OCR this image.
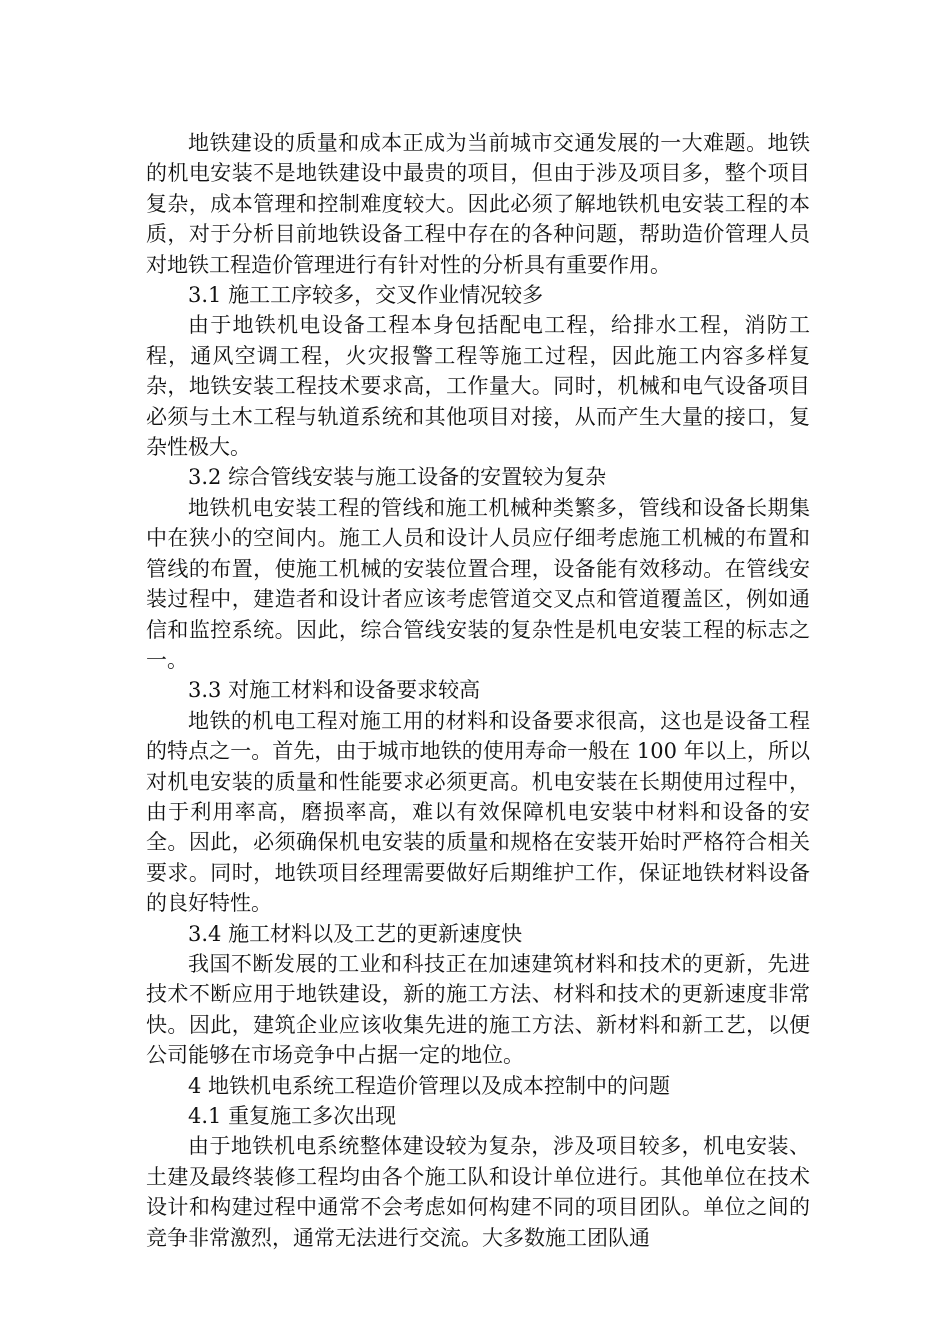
地铁建设的质量和成本正成为当前城市交通发展的一大难题。地铁的机电安装不是地铁建设中最贵的项目，但由于涉及项目多，整个项目复杂，成本管理和控制难度较大。因此必须了解地铁机电安装工程的本质，对于分析目前地铁设备工程中存在的各种问题，帮助造价管理人员对地铁工程造价管理进行有针对性的分析具有重要作用。

3.1 施工工序较多，交叉作业情况较多

由于地铁机电设备工程本身包括配电工程，给排水工程，消防工程，通风空调工程，火灾报警工程等施工过程，因此施工内容多样复杂，地铁安装工程技术要求高，工作量大。同时，机械和电气设备项目必须与土木工程与轨道系统和其他项目对接，从而产生大量的接口，复杂性极大。

3.2 综合管线安装与施工设备的安置较为复杂

地铁机电安装工程的管线和施工机械种类繁多，管线和设备长期集中在狭小的空间内。施工人员和设计人员应仔细考虑施工机械的布置和管线的布置，使施工机械的安装位置合理，设备能有效移动。在管线安装过程中，建造者和设计者应该考虑管道交叉点和管道覆盖区，例如通信和监控系统。因此，综合管线安装的复杂性是机电安装工程的标志之一。

3.3 对施工材料和设备要求较高

地铁的机电工程对施工用的材料和设备要求很高，这也是设备工程的特点之一。首先，由于城市地铁的使用寿命一般在 100 年以上，所以对机电安装的质量和性能要求必须更高。机电安装在长期使用过程中，由于利用率高，磨损率高，难以有效保障机电安装中材料和设备的安全。因此，必须确保机电安装的质量和规格在安装开始时严格符合相关要求。同时，地铁项目经理需要做好后期维护工作，保证地铁材料设备的良好特性。

3.4 施工材料以及工艺的更新速度快

我国不断发展的工业和科技正在加速建筑材料和技术的更新，先进技术不断应用于地铁建设，新的施工方法、材料和技术的更新速度非常快。因此，建筑企业应该收集先进的施工方法、新材料和新工艺，以便公司能够在市场竞争中占据一定的地位。

4 地铁机电系统工程造价管理以及成本控制中的问题

4.1 重复施工多次出现

由于地铁机电系统整体建设较为复杂，涉及项目较多，机电安装、土建及最终装修工程均由各个施工队和设计单位进行。其他单位在技术设计和构建过程中通常不会考虑如何构建不同的项目团队。单位之间的竞争非常激烈，通常无法进行交流。大多数施工团队通
